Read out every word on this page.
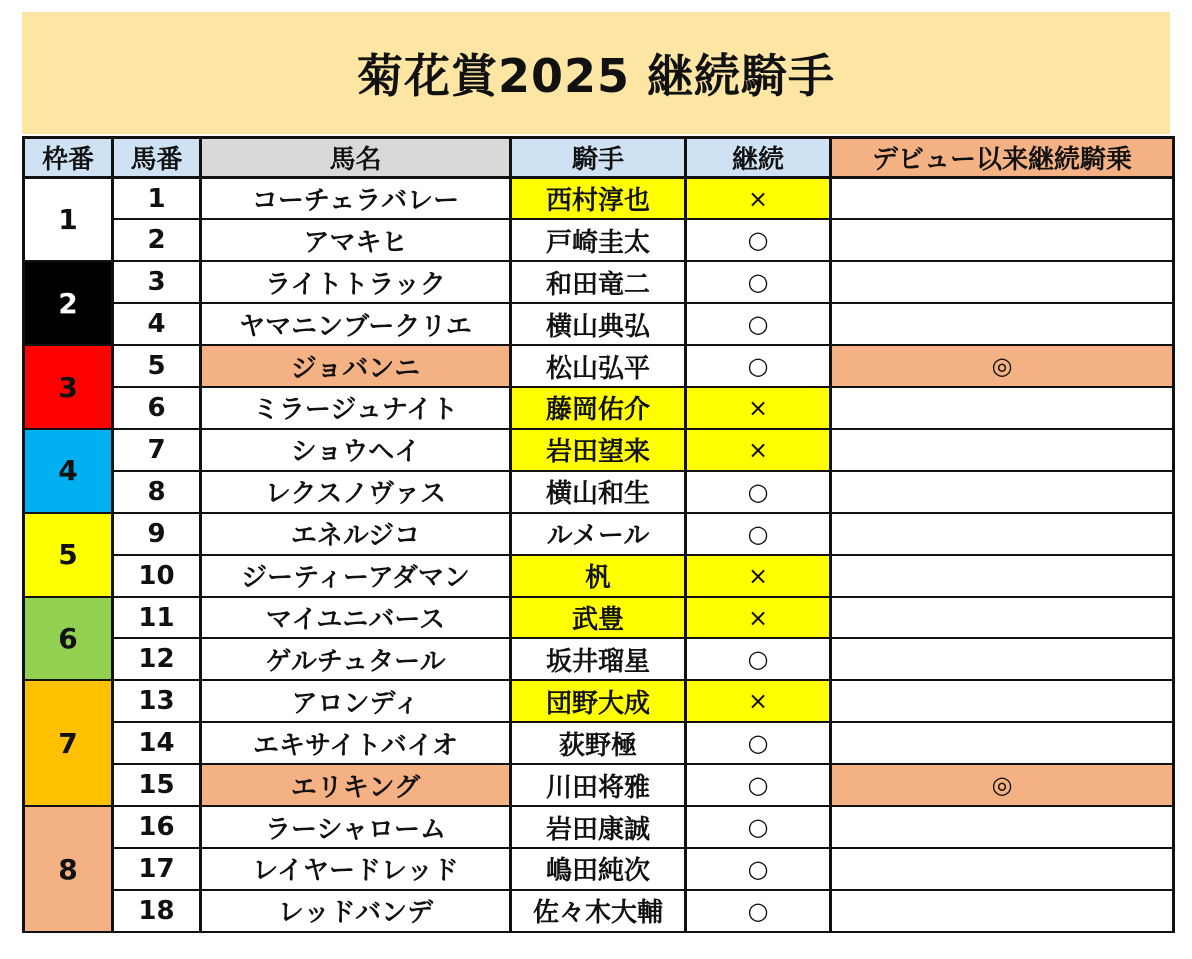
菊花賞2025 継続騎手
枠番	馬番	馬名	騎手	継続	デビュー以来継続騎乗
1	1	コーチェラバレー	西村淳也	×	
	2	アマキヒ	戸崎圭太	○	
2	3	ライトトラック	和田竜二	○	
	4	ヤマニンブークリエ	横山典弘	○	
3	5	ジョバンニ	松山弘平	○	◎
	6	ミラージュナイト	藤岡佑介	×	
4	7	ショウヘイ	岩田望来	×	
	8	レクスノヴァス	横山和生	○	
5	9	エネルジコ	ルメール	○	
	10	ジーティーアダマン	杋	×	
6	11	マイユニバース	武豊	×	
	12	ゲルチュタール	坂井瑠星	○	
7	13	アロンディ	団野大成	×	
	14	エキサイトバイオ	荻野極	○	
	15	エリキング	川田将雅	○	◎
8	16	ラーシャローム	岩田康誠	○	
	17	レイヤードレッド	嶋田純次	○	
	18	レッドバンデ	佐々木大輔	○	
